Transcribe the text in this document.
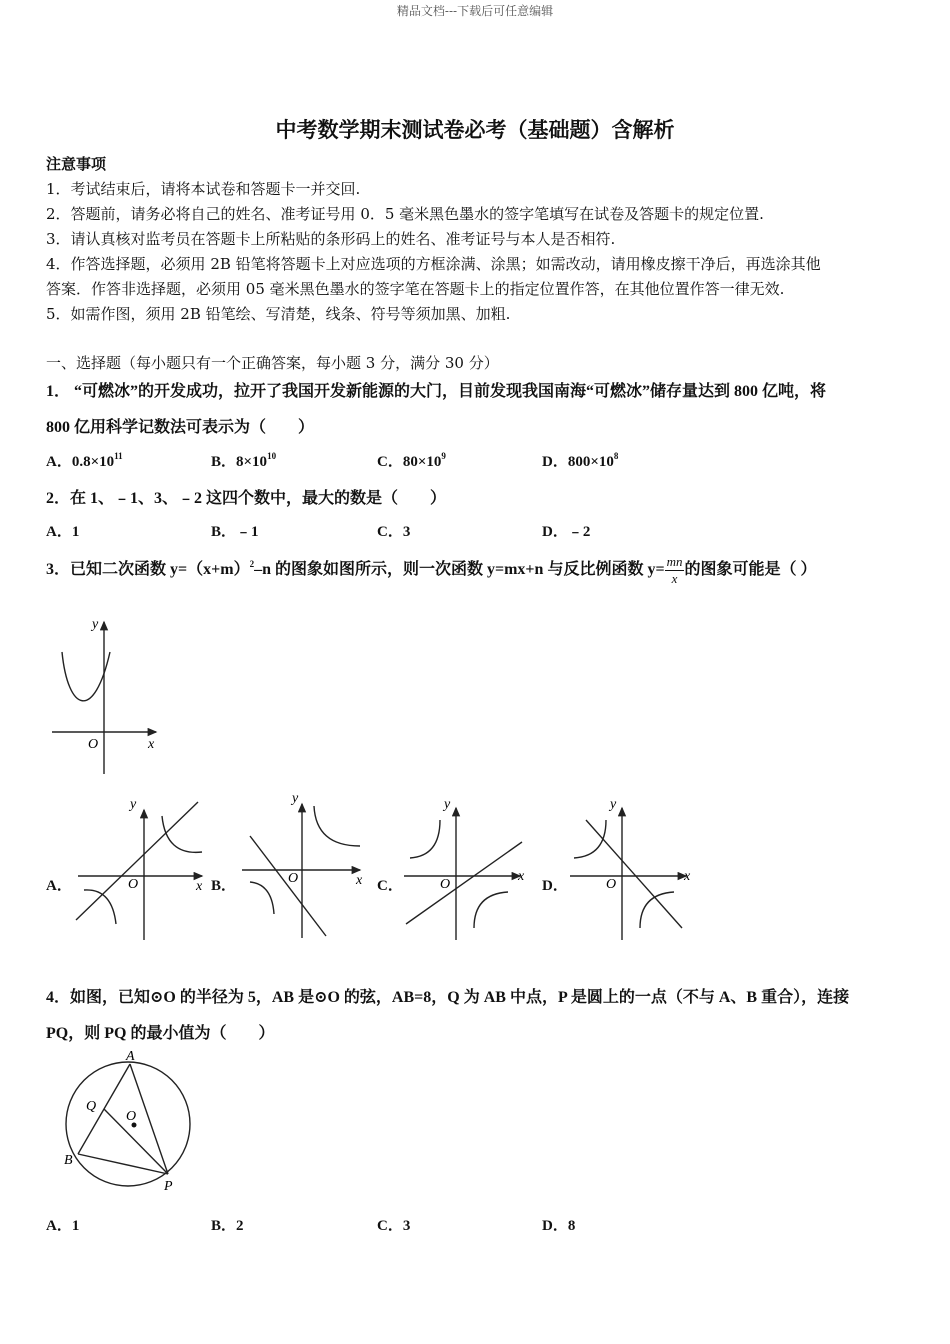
精品文档---下载后可任意编辑
中考数学期末测试卷必考（基础题）含解析
注意事项
1．考试结束后，请将本试卷和答题卡一并交回.
2．答题前，请务必将自己的姓名、准考证号用 0．5 毫米黑色墨水的签字笔填写在试卷及答题卡的规定位置.
3．请认真核对监考员在答题卡上所粘贴的条形码上的姓名、准考证号与本人是否相符.
4．作答选择题，必须用 2B 铅笔将答题卡上对应选项的方框涂满、涂黑；如需改动，请用橡皮擦干净后，再选涂其他
答案．作答非选择题，必须用 05 毫米黑色墨水的签字笔在答题卡上的指定位置作答，在其他位置作答一律无效.
5．如需作图，须用 2B 铅笔绘、写清楚，线条、符号等须加黑、加粗.
一、选择题（每小题只有一个正确答案，每小题 3 分，满分 30 分）
1． “可燃冰”的开发成功，拉开了我国开发新能源的大门，目前发现我国南海“可燃冰”储存量达到 800 亿吨，将
800 亿用科学记数法可表示为（　　）
A．$0.8\times 10^{11}$	B．$8\times 10^{10}$	C．$80\times 10^9$	D．$800\times 10^8$
2．在 1、﹣1、3、﹣2 这四个数中，最大的数是（　　）
A．1	B．﹣1	C．3	D．﹣2
3．已知二次函数 $y=(x+m)^2-n$ 的图象如图所示，则一次函数 y=mx+n 与反比例函数 $y= \frac{mn}{x}$ 的图象可能是（ ）
y
x
O
A．
y
x
O	B．
y
x
O	C．
y
x
O	D．
y
x
O
4．如图，已知⊙O 的半径为 5，AB 是⊙O 的弦，AB=8，Q 为 AB 中点，P 是圆上的一点（不与 A、B 重合），连接
PQ，则 PQ 的最小值为（　　）
A
Q
O
B
P
A．1	B．2	C．3	D．8
